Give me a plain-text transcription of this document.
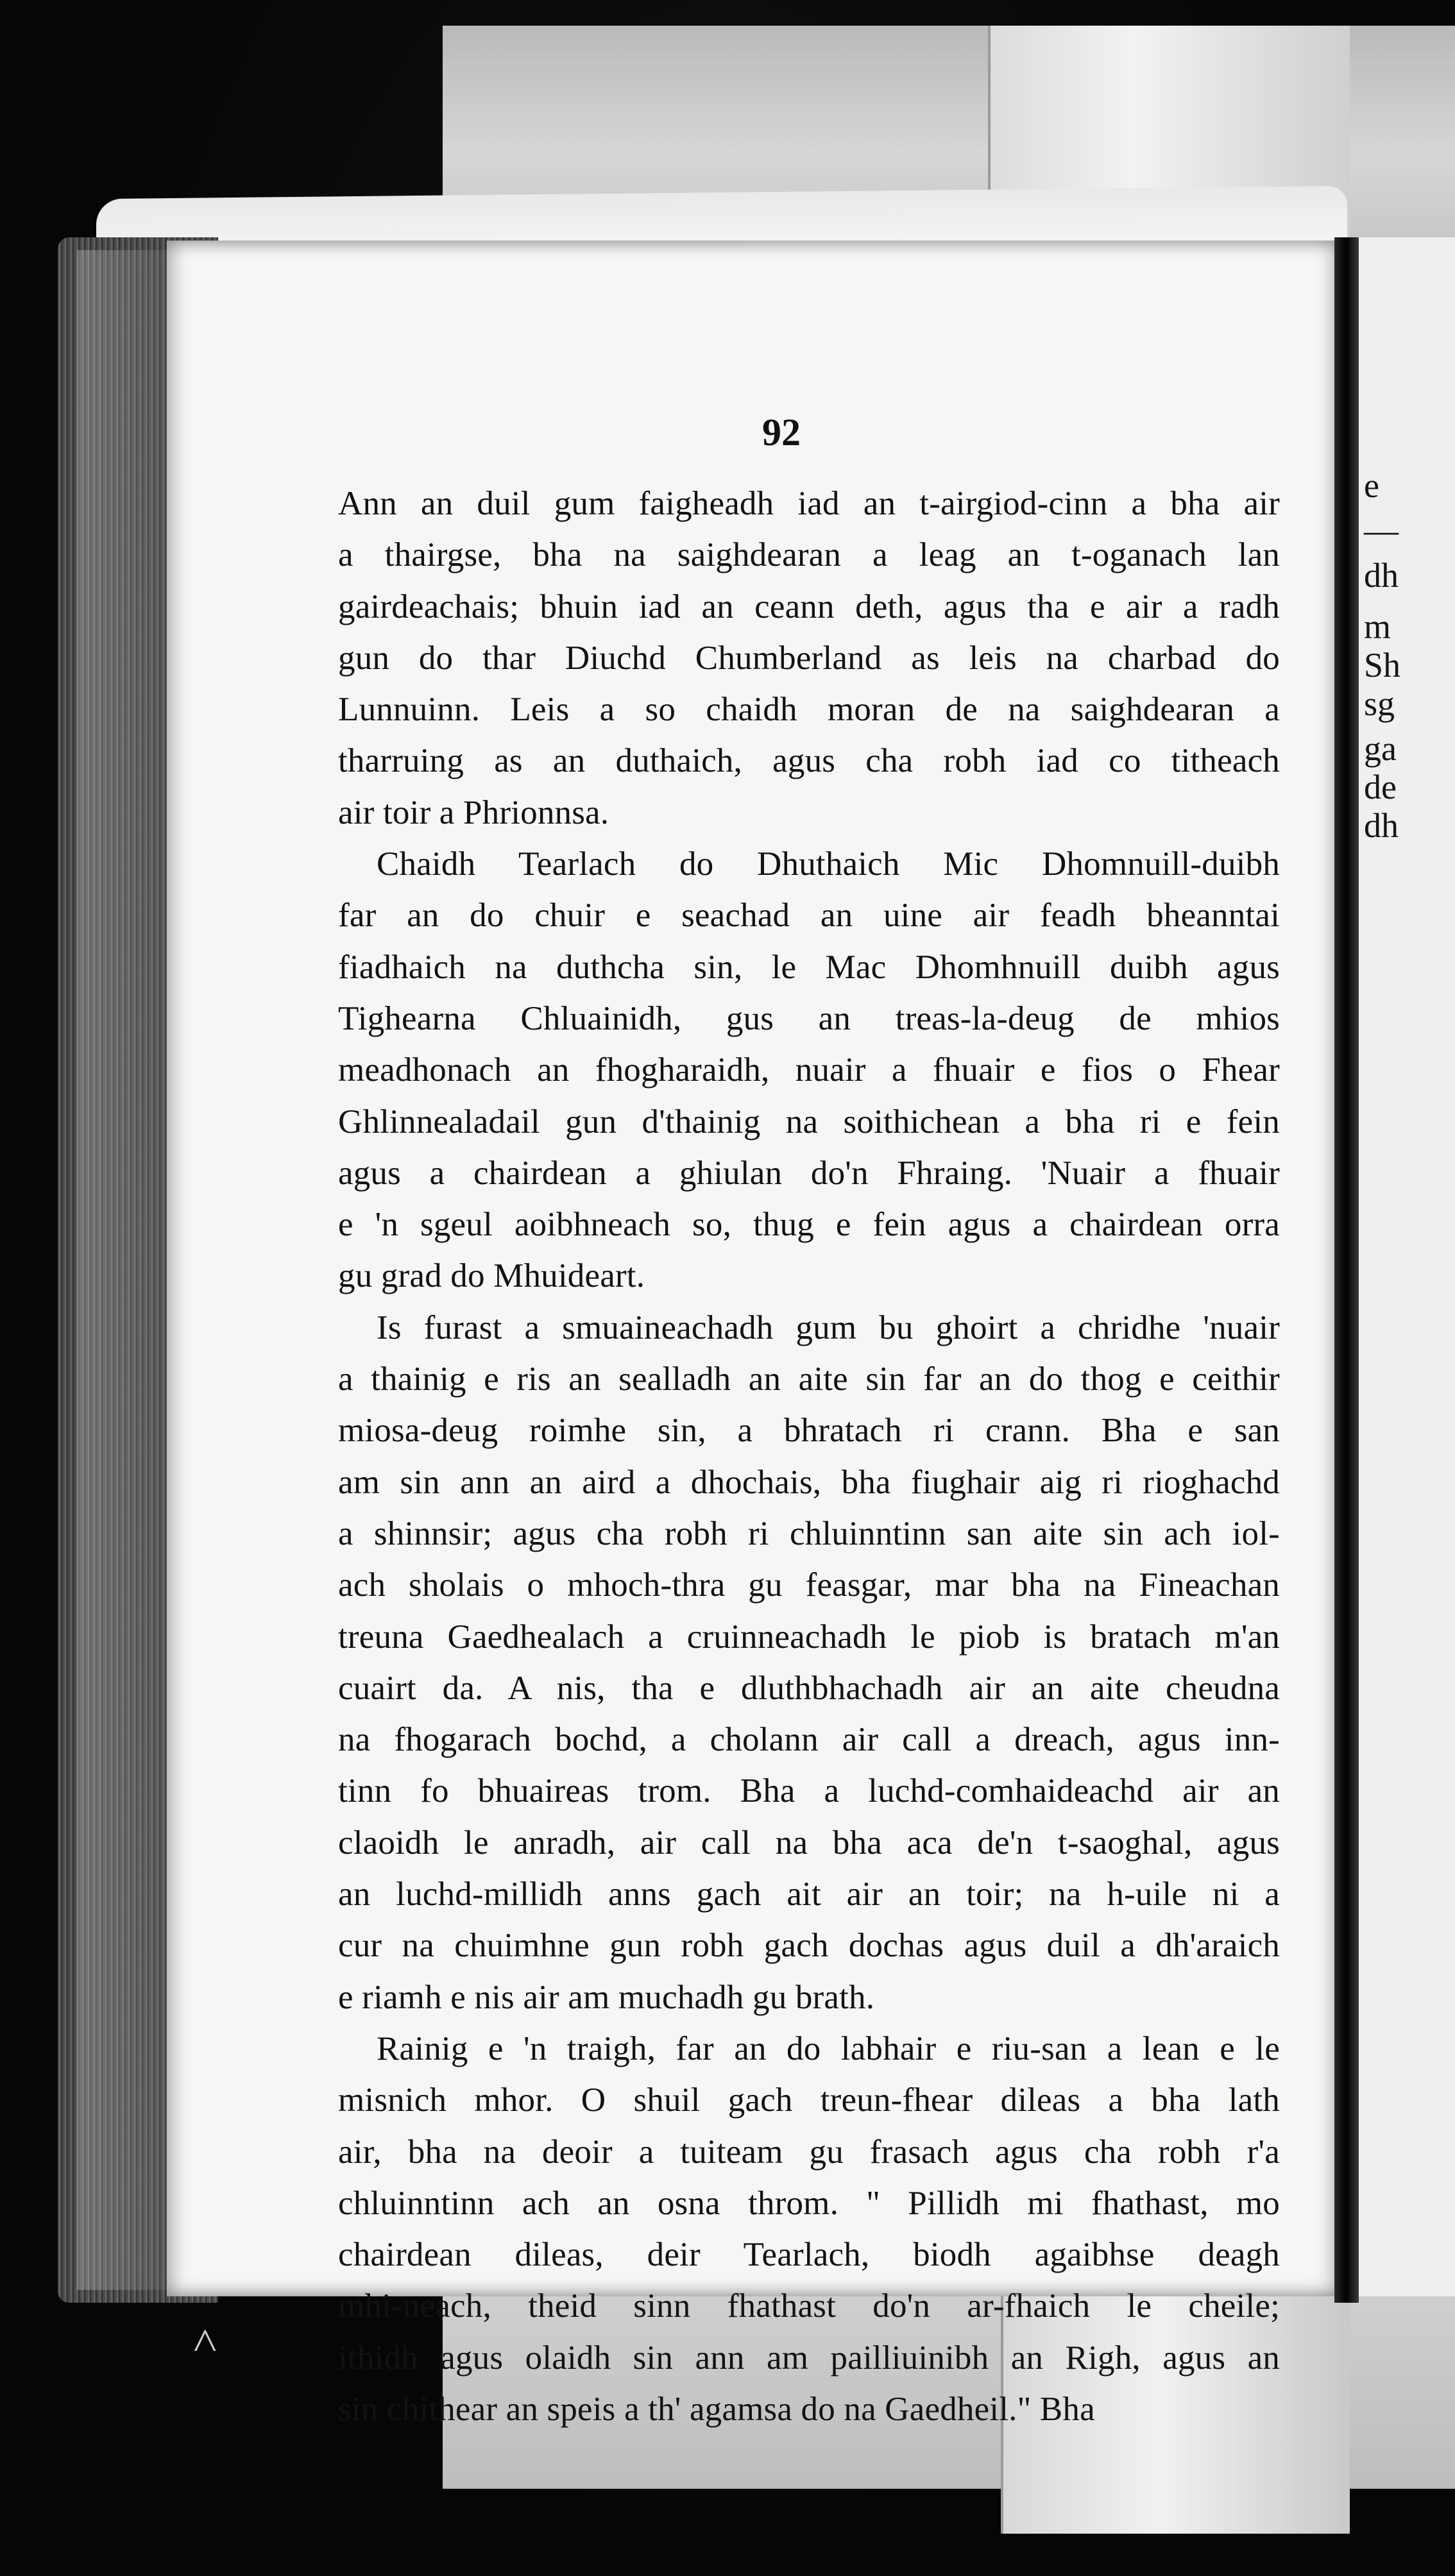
e
—
dh
m
Sh
sg
ga
de
dh
92
Ann an duil gum faigheadh iad an t-airgiod-cinn a bha air
a thairgse, bha na saighdearan a leag an t-oganach lan
gairdeachais; bhuin iad an ceann deth, agus tha e air a radh
gun do thar Diuchd Chumberland as leis na charbad do
Lunnuinn. Leis a so chaidh moran de na saighdearan a
tharruing as an duthaich, agus cha robh iad co titheach
air toir a Phrionnsa.
Chaidh Tearlach do Dhuthaich Mic Dhomnuill-duibh
far an do chuir e seachad an uine air feadh bheanntai
fiadhaich na duthcha sin, le Mac Dhomhnuill duibh agus
Tighearna Chluainidh, gus an treas-la-deug de mhios
meadhonach an fhogharaidh, nuair a fhuair e fios o Fhear
Ghlinnealadail gun d'thainig na soithichean a bha ri e fein
agus a chairdean a ghiulan do'n Fhraing. 'Nuair a fhuair
e 'n sgeul aoibhneach so, thug e fein agus a chairdean orra
gu grad do Mhuideart.
Is furast a smuaineachadh gum bu ghoirt a chridhe 'nuair
a thainig e ris an sealladh an aite sin far an do thog e ceithir
miosa-deug roimhe sin, a bhratach ri crann. Bha e san
am sin ann an aird a dhochais, bha fiughair aig ri rioghachd
a shinnsir; agus cha robh ri chluinntinn san aite sin ach iol-
ach sholais o mhoch-thra gu feasgar, mar bha na Fineachan
treuna Gaedhealach a cruinneachadh le piob is bratach m'an
cuairt da. A nis, tha e dluthbhachadh air an aite cheudna
na fhogarach bochd, a cholann air call a dreach, agus inn-
tinn fo bhuaireas trom. Bha a luchd-comhaideachd air an
claoidh le anradh, air call na bha aca de'n t-saoghal, agus
an luchd-millidh anns gach ait air an toir; na h-uile ni a
cur na chuimhne gun robh gach dochas agus duil a dh'araich
e riamh e nis air am muchadh gu brath.
Rainig e 'n traigh, far an do labhair e riu-san a lean e le
misnich mhor. O shuil gach treun-fhear dileas a bha lath
air, bha na deoir a tuiteam gu frasach agus cha robh r'a
chluinntinn ach an osna throm. " Pillidh mi fhathast, mo
chairdean dileas, deir Tearlach, biodh agaibhse deagh
mhi-neach, theid sinn fhathast do'n ar-fhaich le cheile;
ithidh agus olaidh sin ann am pailliuinibh an Righ, agus an
sin chithear an speis a th' agamsa do na Gaedheil." Bha
˄
